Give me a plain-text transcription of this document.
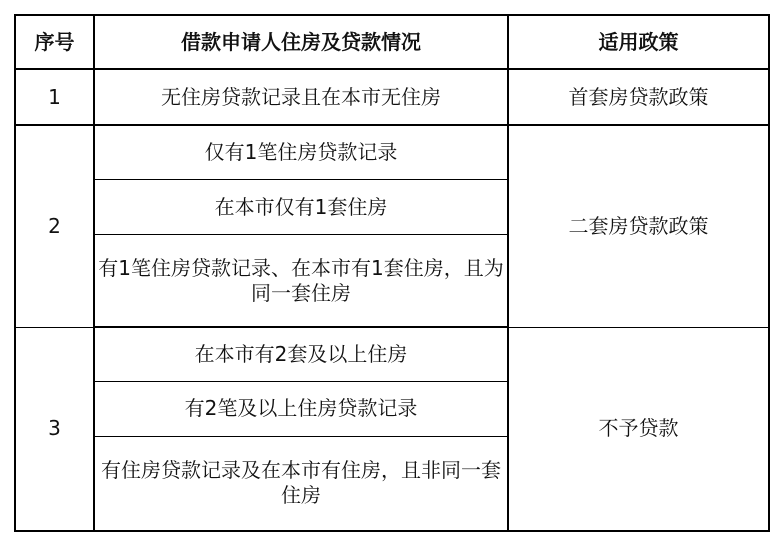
序号	借款申请人住房及贷款情况	适用政策
1	无住房贷款记录且在本市无住房	首套房贷款政策
2	仅有1笔住房贷款记录	二套房贷款政策
	在本市仅有1套住房	
	有1笔住房贷款记录、在本市有1套住房，且为同一套住房	
3	在本市有2套及以上住房	不予贷款
	有2笔及以上住房贷款记录	
	有住房贷款记录及在本市有住房，且非同一套住房	
